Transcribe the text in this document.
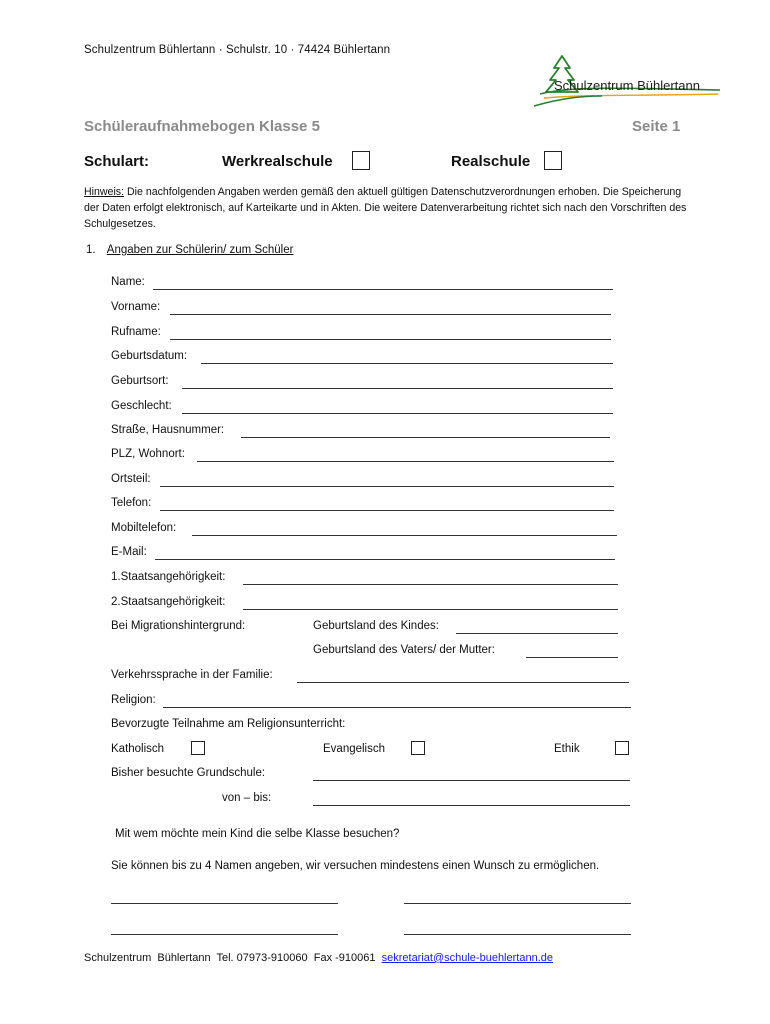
Schulzentrum Bühlertann · Schulstr. 10 · 74424 Bühlertann
Schulzentrum Bühlertann
Schüleraufnahmebogen Klasse 5	Seite 1
Schulart:	Werkrealschule	Realschule
Hinweis: Die nachfolgenden Angaben werden gemäß den aktuell gültigen Datenschutzverordnungen erhoben. Die Speicherung der Daten erfolgt elektronisch, auf Karteikarte und in Akten. Die weitere Datenverarbeitung richtet sich nach den Vorschriften des Schulgesetzes.
1. Angaben zur Schülerin/ zum Schüler
Name:
Vorname:
Rufname:
Geburtsdatum:
Geburtsort:
Geschlecht:
Straße, Hausnummer:
PLZ, Wohnort:
Ortsteil:
Telefon:
Mobiltelefon:
E-Mail:
1.Staatsangehörigkeit:
2.Staatsangehörigkeit:
Bei Migrationshintergrund:	Geburtsland des Kindes:
Geburtsland des Vaters/ der Mutter:
Verkehrssprache in der Familie:
Religion:
Bevorzugte Teilnahme am Religionsunterricht:
Katholisch	Evangelisch	Ethik
Bisher besuchte Grundschule:
von – bis:
Mit wem möchte mein Kind die selbe Klasse besuchen?
Sie können bis zu 4 Namen angeben, wir versuchen mindestens einen Wunsch zu ermöglichen.
Schulzentrum  Bühlertann  Tel. 07973-910060  Fax -910061  sekretariat@schule-buehlertann.de
